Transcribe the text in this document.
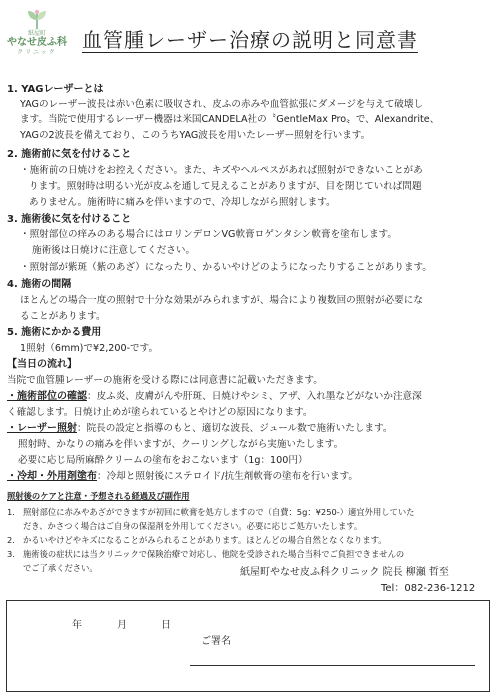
紙屋町
やなせ皮ふ科
クリニック
血管腫レーザー治療の説明と同意書
1. YAGレーザーとは
YAGのレーザー波長は赤い色素に吸収され、皮ふの赤みや血管拡張にダメージを与えて破壊し
ます。当院で使用するレーザー機器は米国CANDELA社の〝GentleMax Pro〟で、Alexandrite、
YAGの2波長を備えており、このうちYAG波長を用いたレーザー照射を行います。
2. 施術前に気を付けること
・施術前の日焼けをお控えください。また、キズやヘルペスがあれば照射ができないことがあ
ります。照射時は明るい光が皮ふを通して見えることがありますが、目を閉じていれば問題
ありません。施術時に痛みを伴いますので、冷却しながら照射します。
3. 施術後に気を付けること
・照射部位の痒みのある場合にはロリンデロンVG軟膏ロゲンタシン軟膏を塗布します。
施術後は日焼けに注意してください。
・照射部が紫斑（紫のあざ）になったり、かるいやけどのようになったりすることがあります。
4. 施術の間隔
ほとんどの場合一度の照射で十分な効果がみられますが、場合により複数回の照射が必要にな
ることがあります。
5. 施術にかかる費用
1照射（6mm)で¥2,200-です。
【当日の流れ】
当院で血管腫レーザーの施術を受ける際には同意書に記載いただきます。
・施術部位の確認：皮ふ炎、皮膚がんや肝斑、日焼けやシミ、アザ、入れ墨などがないか注意深
く確認します。日焼け止めが塗られているとやけどの原因になります。
・レーザー照射：院長の設定と指導のもと、適切な波長、ジュール数で施術いたします。
照射時、かなりの痛みを伴いますが、クーリングしながら実施いたします。
必要に応じ局所麻酔クリームの塗布をおこないます（1g：100円）
・冷却・外用剤塗布：冷却と照射後にステロイド/抗生剤軟膏の塗布を行います。
照射後のケアと注意・予想される経過及び副作用
1. 照射部位に赤みやあざができますが初回に軟膏を処方しますので（自費：5g：¥250-）適宜外用していた
だき、かさつく場合はご自身の保湿剤を外用してください。必要に応じご処方いたします。
2. かるいやけどやキズになることがみられることがあります。ほとんどの場合自然となくなります。
3. 施術後の症状には当クリニックで保険治療で対応し、他院を受診された場合当科でご負担できませんの
でご了承ください。	紙屋町やなせ皮ふ科クリニック 院長 柳瀬 哲至
Tel：082-236-1212
年	月	日
ご署名
